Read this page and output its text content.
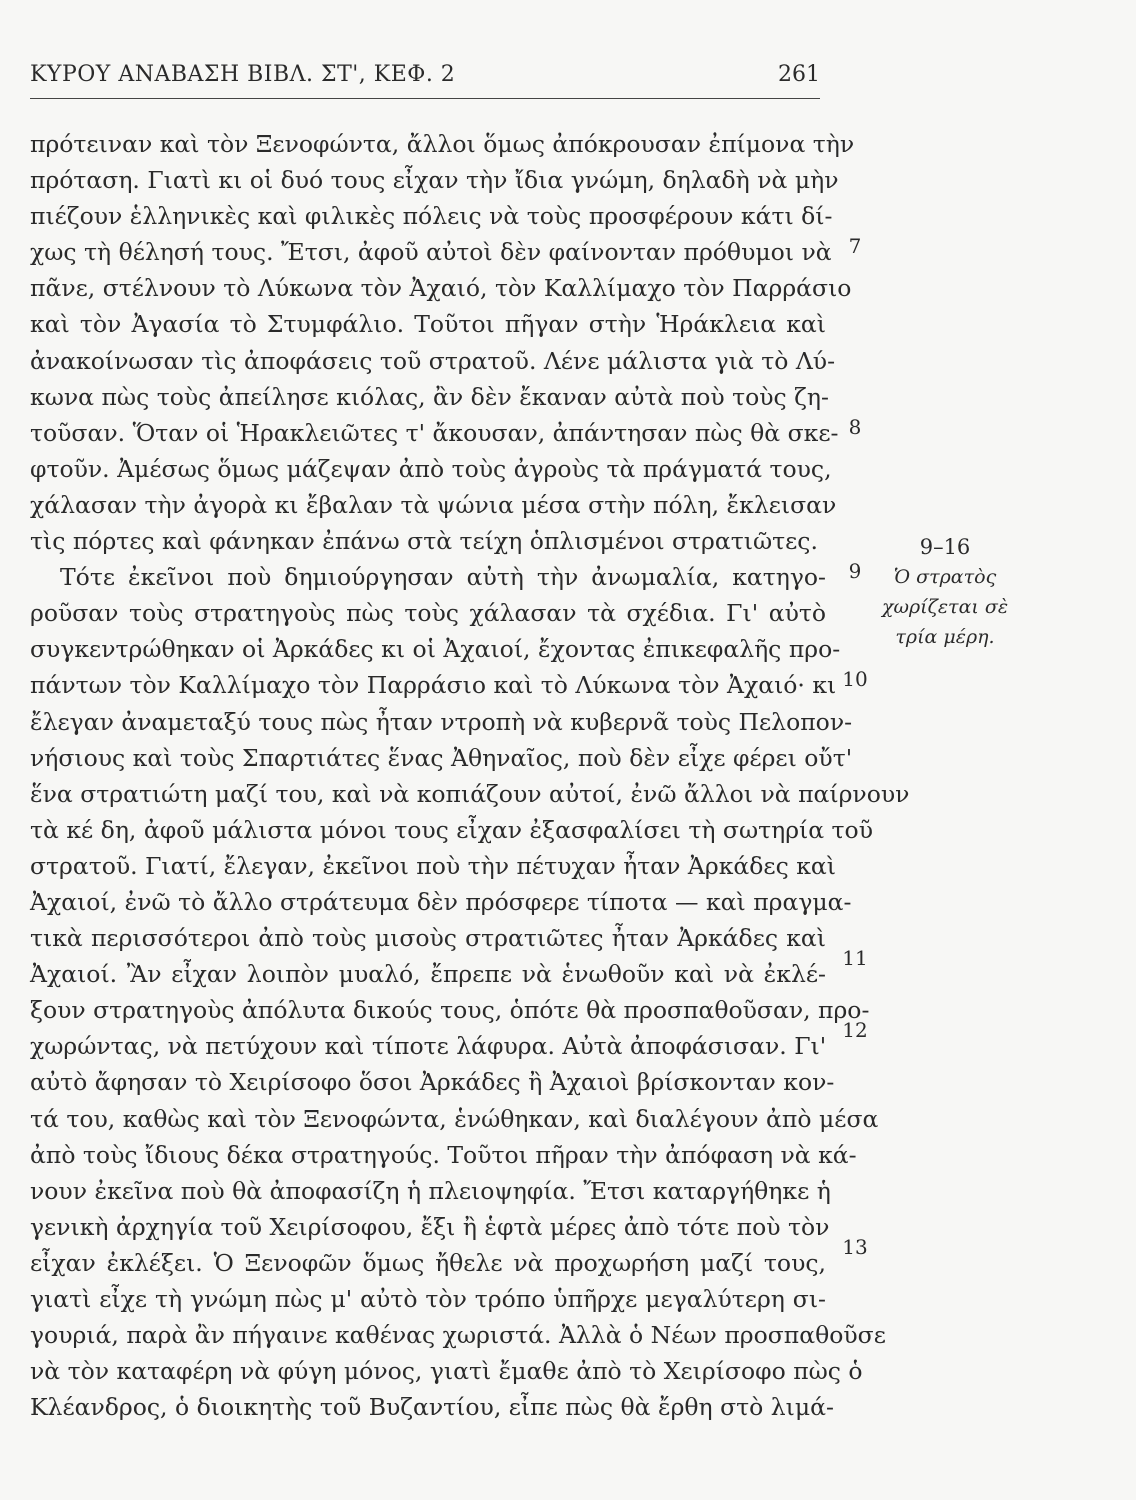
ΚΥΡΟΥ ΑΝΑΒΑΣΗ ΒΙΒΛ. ΣΤ', ΚΕΦ. 2	261
πρότειναν καὶ τὸν Ξενοφώντα, ἄλλοι ὅμως ἀπόκρουσαν ἐπίμονα τὴν
πρόταση. Γιατὶ κι οἱ δυό τους εἶχαν τὴν ἴδια γνώμη, δηλαδὴ νὰ μὴν
πιέζουν ἑλληνικὲς καὶ φιλικὲς πόλεις νὰ τοὺς προσφέρουν κάτι δί-
χως τὴ θέλησή τους. Ἔτσι, ἀφοῦ αὐτοὶ δὲν φαίνονταν πρόθυμοι νὰ
πᾶνε, στέλνουν τὸ Λύκωνα τὸν Ἀχαιό, τὸν Καλλίμαχο τὸν Παρράσιο
καὶ τὸν Ἀγασία τὸ Στυμφάλιο. Τοῦτοι πῆγαν στὴν Ἡράκλεια καὶ
ἀνακοίνωσαν τὶς ἀποφάσεις τοῦ στρατοῦ. Λένε μάλιστα γιὰ τὸ Λύ-
κωνα πὼς τοὺς ἀπείλησε κιόλας, ἂν δὲν ἔκαναν αὐτὰ ποὺ τοὺς ζη-
τοῦσαν. Ὅταν οἱ Ἡρακλειῶτες τ' ἄκουσαν, ἀπάντησαν πὼς θὰ σκε-
φτοῦν. Ἀμέσως ὅμως μάζεψαν ἀπὸ τοὺς ἀγροὺς τὰ πράγματά τους,
χάλασαν τὴν ἀγορὰ κι ἔβαλαν τὰ ψώνια μέσα στὴν πόλη, ἔκλεισαν
τὶς πόρτες καὶ φάνηκαν ἐπάνω στὰ τείχη ὁπλισμένοι στρατιῶτες.
Τότε ἐκεῖνοι ποὺ δημιούργησαν αὐτὴ τὴν ἀνωμαλία, κατηγο-
ροῦσαν τοὺς στρατηγοὺς πὼς τοὺς χάλασαν τὰ σχέδια. Γι' αὐτὸ
συγκεντρώθηκαν οἱ Ἀρκάδες κι οἱ Ἀχαιοί, ἔχοντας ἐπικεφαλῆς προ-
πάντων τὸν Καλλίμαχο τὸν Παρράσιο καὶ τὸ Λύκωνα τὸν Ἀχαιό· κι
ἔλεγαν ἀναμεταξύ τους πὼς ἦταν ντροπὴ νὰ κυβερνᾶ τοὺς Πελοπον-
νήσιους καὶ τοὺς Σπαρτιάτες ἕνας Ἀθηναῖος, ποὺ δὲν εἶχε φέρει οὔτ'
ἕνα στρατιώτη μαζί του, καὶ νὰ κοπιάζουν αὐτοί, ἐνῶ ἄλλοι νὰ παίρνουν
τὰ κέ δη, ἀφοῦ μάλιστα μόνοι τους εἶχαν ἐξασφαλίσει τὴ σωτηρία τοῦ
στρατοῦ. Γιατί, ἔλεγαν, ἐκεῖνοι ποὺ τὴν πέτυχαν ἦταν Ἀρκάδες καὶ
Ἀχαιοί, ἐνῶ τὸ ἄλλο στράτευμα δὲν πρόσφερε τίποτα — καὶ πραγμα-
τικὰ περισσότεροι ἀπὸ τοὺς μισοὺς στρατιῶτες ἦταν Ἀρκάδες καὶ
Ἀχαιοί. Ἂν εἶχαν λοιπὸν μυαλό, ἔπρεπε νὰ ἑνωθοῦν καὶ νὰ ἐκλέ-
ξουν στρατηγοὺς ἀπόλυτα δικούς τους, ὁπότε θὰ προσπαθοῦσαν, προ-
χωρώντας, νὰ πετύχουν καὶ τίποτε λάφυρα. Αὐτὰ ἀποφάσισαν. Γι'
αὐτὸ ἄφησαν τὸ Χειρίσοφο ὅσοι Ἀρκάδες ἢ Ἀχαιοὶ βρίσκονταν κον-
τά του, καθὼς καὶ τὸν Ξενοφώντα, ἑνώθηκαν, καὶ διαλέγουν ἀπὸ μέσα
ἀπὸ τοὺς ἴδιους δέκα στρατηγούς. Τοῦτοι πῆραν τὴν ἀπόφαση νὰ κά-
νουν ἐκεῖνα ποὺ θὰ ἀποφασίζη ἡ πλειοψηφία. Ἔτσι καταργήθηκε ἡ
γενικὴ ἀρχηγία τοῦ Χειρίσοφου, ἔξι ἢ ἑφτὰ μέρες ἀπὸ τότε ποὺ τὸν
εἶχαν ἐκλέξει. Ὁ Ξενοφῶν ὅμως ἤθελε νὰ προχωρήση μαζί τους,
γιατὶ εἶχε τὴ γνώμη πὼς μ' αὐτὸ τὸν τρόπο ὑπῆρχε μεγαλύτερη σι-
γουριά, παρὰ ἂν πήγαινε καθένας χωριστά. Ἀλλὰ ὁ Νέων προσπαθοῦσε
νὰ τὸν καταφέρη νὰ φύγη μόνος, γιατὶ ἔμαθε ἀπὸ τὸ Χειρίσοφο πὼς ὁ
Κλέανδρος, ὁ διοικητὴς τοῦ Βυζαντίου, εἶπε πὼς θὰ ἔρθη στὸ λιμά-
7
8
9
10
11
12
13
9–16
Ὁ στρατὸς
χωρίζεται σὲ
τρία μέρη.
